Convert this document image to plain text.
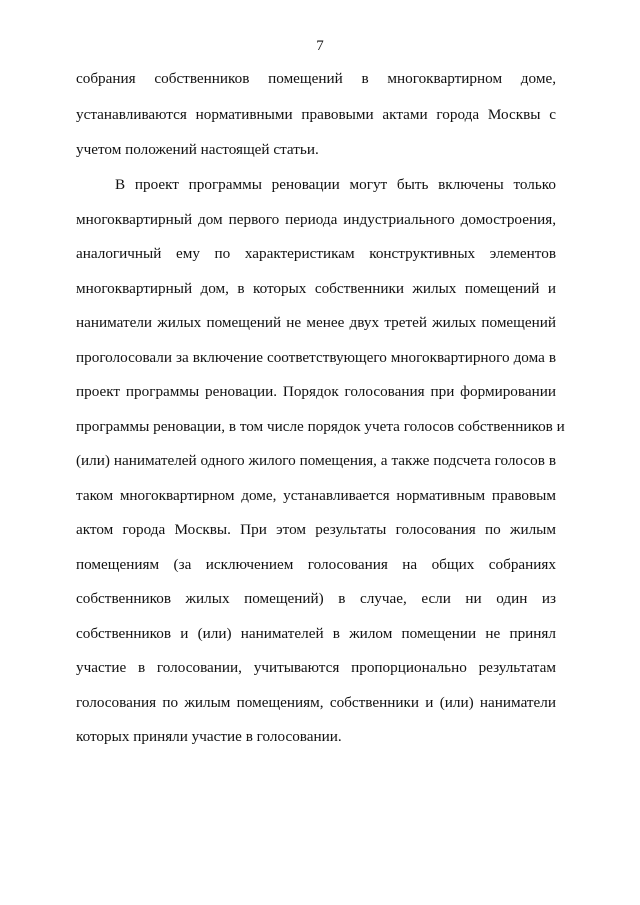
7
собрания собственников помещений в многоквартирном доме,
устанавливаются нормативными правовыми актами города Москвы с
учетом положений настоящей статьи.
В проект программы реновации могут быть включены только
многоквартирный дом первого периода индустриального домостроения,
аналогичный ему по характеристикам конструктивных элементов
многоквартирный дом, в которых собственники жилых помещений и
наниматели жилых помещений не менее двух третей жилых помещений
проголосовали за включение соответствующего многоквартирного дома в
проект программы реновации. Порядок голосования при формировании
программы реновации, в том числе порядок учета голосов собственников и
(или) нанимателей одного жилого помещения, а также подсчета голосов в
таком многоквартирном доме, устанавливается нормативным правовым
актом города Москвы. При этом результаты голосования по жилым
помещениям (за исключением голосования на общих собраниях
собственников жилых помещений) в случае, если ни один из
собственников и (или) нанимателей в жилом помещении не принял
участие в голосовании, учитываются пропорционально результатам
голосования по жилым помещениям, собственники и (или) наниматели
которых приняли участие в голосовании.
